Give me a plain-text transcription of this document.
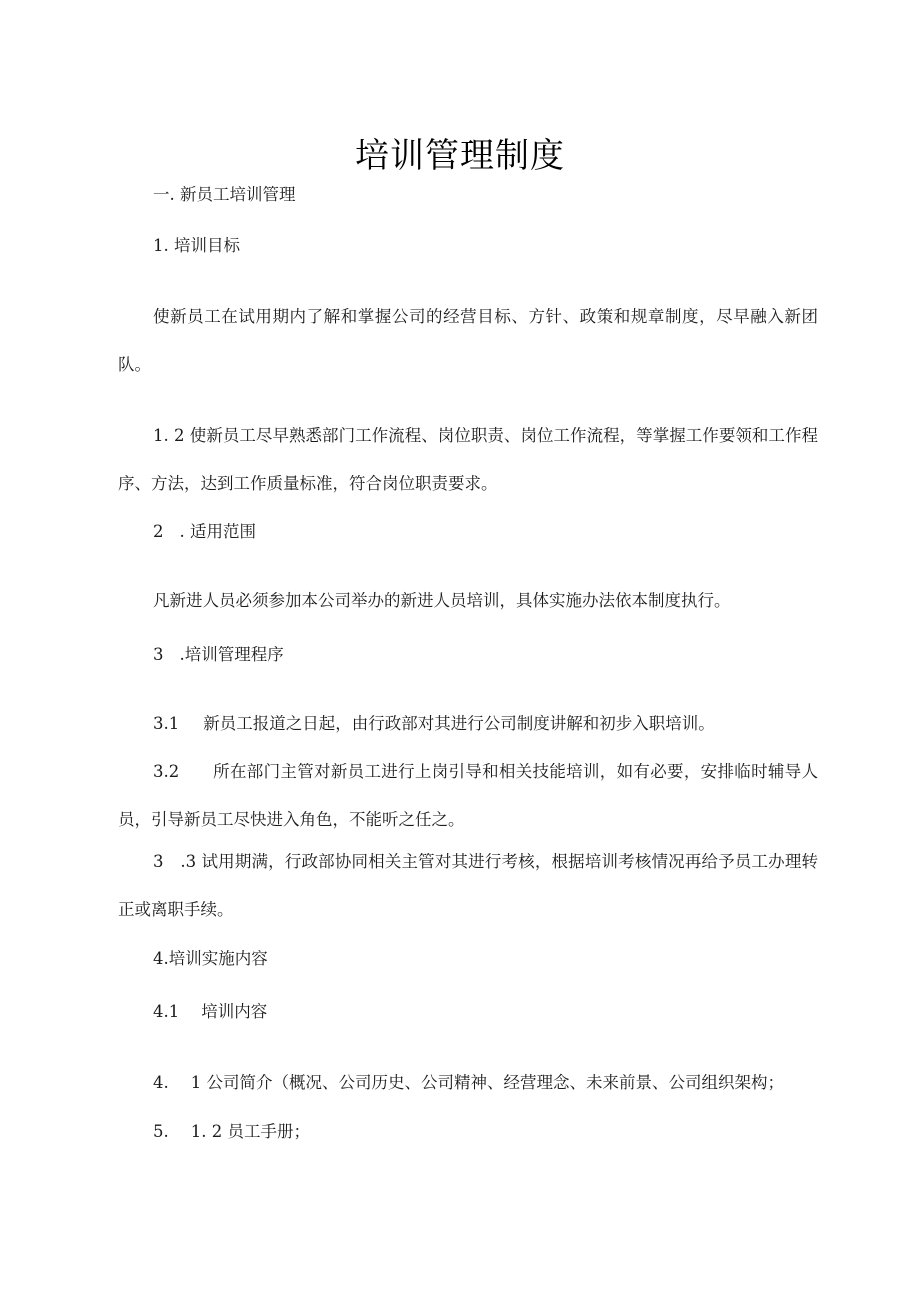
培训管理制度
一. 新员工培训管理
1. 培训目标
使新员工在试用期内了解和掌握公司的经营目标、方针、政策和规章制度，尽早融入新团队。
1. 2 使新员工尽早熟悉部门工作流程、岗位职责、岗位工作流程，等掌握工作要领和工作程序、方法，达到工作质量标准，符合岗位职责要求。
2 . 适用范围
凡新进人员必须参加本公司举办的新进人员培训，具体实施办法依本制度执行。
3 .培训管理程序
3.1 新员工报道之日起，由行政部对其进行公司制度讲解和初步入职培训。
3.2　　所在部门主管对新员工进行上岗引导和相关技能培训，如有必要，安排临时辅导人员，引导新员工尽快进入角色，不能听之任之。
3　.3 试用期满，行政部协同相关主管对其进行考核，根据培训考核情况再给予员工办理转正或离职手续。
4.培训实施内容
4.1 培训内容
4. 1 公司简介（概况、公司历史、公司精神、经营理念、未来前景、公司组织架构；
5. 1. 2 员工手册；
